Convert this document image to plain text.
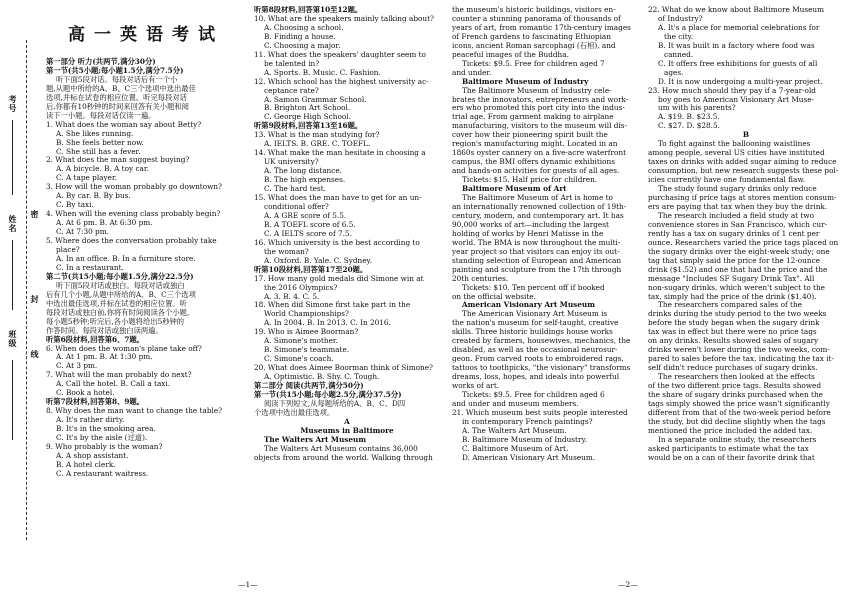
班级
姓名
考号
密
封
线
高一英语考试

第一部分 听力(共两节,满分30分)

第一节(共5小题;每小题1.5分,满分7.5分)

听下面5段对话。每段对话后有一个小

题,从题中所给的A、B、C三个选项中选出最佳

选项,并标在试卷的相应位置。听完每段对话

后,你都有10秒钟的时间来回答有关小题和阅

读下一小题。每段对话仅读一遍。

1. What does the woman say about Betty?

A. She likes running.

B. She feels better now.

C. She still has a fever.

2. What does the man suggest buying?

A. A bicycle. B. A toy car.

C. A tape player.

3. How will the woman probably go downtown?

A. By car. B. By bus.

C. By taxi.

4. When will the evening class probably begin?

A. At 6 pm. B. At 6:30 pm.

C. At 7:30 pm.

5. Where does the conversation probably take

place?

A. In an office. B. In a furniture store.

C. In a restaurant.

第二节(共15小题;每小题1.5分,满分22.5分)

听下面5段对话或独白。每段对话或独白

后有几个小题,从题中所给的A、B、C三个选项

中选出最佳选项,并标在试卷的相应位置。听

每段对话或独白前,你将有时间阅读各个小题,

每小题5秒钟;听完后,各小题将给出5秒钟的

作答时间。每段对话或独白读两遍。

听第6段材料,回答第6、7题。

6. When does the woman's plane take off?

A. At 1 pm. B. At 1:30 pm.

C. At 3 pm.

7. What will the man probably do next?

A. Call the hotel. B. Call a taxi.

C. Book a hotel.

听第7段材料,回答第8、9题。

8. Why does the man want to change the table?

A. It's rather dirty.

B. It's in the smoking area.

C. It's by the aisle (过道).

9. Who probably is the woman?

A. A shop assistant.

B. A hotel clerk.

C. A restaurant waitress.

听第8段材料,回答第10至12题。

10. What are the speakers mainly talking about?

A. Choosing a school.

B. Finding a house.

C. Choosing a major.

11. What does the speakers' daughter seem to

be talented in?

A. Sports. B. Music. C. Fashion.

12. Which school has the highest university ac-

ceptance rate?

A. Samon Grammar School.

B. Brighton Art School.

C. George High School.

听第9段材料,回答第13至16题。

13. What is the man studying for?

A. IELTS. B. GRE. C. TOEFL.

14. What make the man hesitate in choosing a

UK university?

A. The long distance.

B. The high expenses.

C. The hard test.

15. What does the man have to get for an un-

conditional offer?

A. A GRE score of 5.5.

B. A TOEFL score of 6.5.

C. A IELTS score of 7.5.

16. Which university is the best according to

the woman?

A. Oxford. B. Yale. C. Sydney.

听第10段材料,回答第17至20题。

17. How many gold medals did Simone win at

the 2016 Olympics?

A. 3. B. 4. C. 5.

18. When did Simone first take part in the

World Championships?

A. In 2004. B. In 2013. C. In 2016.

19. Who is Aimee Boorman?

A. Simone's mother.

B. Simone's teammate.

C. Simone's coach.

20. What does Aimee Boorman think of Simone?

A. Optimistic. B. Shy. C. Tough.

第二部分 阅读(共两节,满分50分)

第一节(共15小题;每小题2.5分,满分37.5分)

阅读下列短文,从每题所给的A、B、C、D四

个选项中选出最佳选项。

A

Museums in Baltimore

The Walters Art Museum

The Walters Art Museum contains 36,000

objects from around the world. Walking through

the museum's historic buildings, visitors en-

counter a stunning panorama of thousands of

years of art, from romantic 17th-century images

of French gardens to fascinating Ethiopian

icons, ancient Roman sarcophagi (石棺), and

peaceful images of the Buddha.

Tickets: $9.5. Free for children aged 7

and under.

Baltimore Museum of Industry

The Baltimore Museum of Industry cele-

brates the innovators, entrepreneurs and work-

ers who promoted this port city into the indus-

trial age. From garment making to airplane

manufacturing, visitors to the museum will dis-

cover how their pioneering spirit built the

region's manufacturing might. Located in an

1860s oyster cannery on a five-acre waterfront

campus, the BMI offers dynamic exhibitions

and hands-on activities for guests of all ages.

Tickets: $15. Half price for children.

Baltimore Museum of Art

The Baltimore Museum of Art is home to

an internationally renowned collection of 19th-

century, modern, and contemporary art. It has

90,000 works of art—including the largest

holding of works by Henri Matisse in the

world. The BMA is now throughout the multi-

year project so that visitors can enjoy its out-

standing selection of European and American

painting and sculpture from the 17th through

20th centuries.

Tickets: $10. Ten percent off if booked

on the official website.

American Visionary Art Museum

The American Visionary Art Museum is

the nation's museum for self-taught, creative

skills. Three historic buildings house works

created by farmers, housewives, mechanics, the

disabled, as well as the occasional neurosur-

geon. From carved roots to embroidered rags,

tattoos to toothpicks, "the visionary" transforms

dreams, loss, hopes, and ideals into powerful

works of art.

Tickets: $9.5. Free for children aged 6

and under and museum members.

21. Which museum best suits people interested

in contemporary French paintings?

A. The Walters Art Museum.

B. Baltimore Museum of Industry.

C. Baltimore Museum of Art.

D. American Visionary Art Museum.

22. What do we know about Baltimore Museum

of Industry?

A. It's a place for memorial celebrations for

the city.

B. It was built in a factory where food was

canned.

C. It offers free exhibitions for guests of all

ages.

D. It is now undergoing a multi-year project.

23. How much should they pay if a 7-year-old

boy goes to American Visionary Art Muse-

um with his parents?

A. $19. B. $23.5.

C. $27. D. $28.5.

B

To fight against the ballooning waistlines

among people, several US cities have instituted

taxes on drinks with added sugar aiming to reduce

consumption, but new research suggests these pol-

icies currently have one fundamental flaw.

The study found sugary drinks only reduce

purchasing if price tags at stores mention consum-

ers are paying that tax when they buy the drink.

The research included a field study at two

convenience stores in San Francisco, which cur-

rently has a tax on sugary drinks of 1 cent per

ounce. Researchers varied the price tags placed on

the sugary drinks over the eight-week study; one

tag that simply said the price for the 12-ounce

drink ($1.52) and one that had the price and the

message "Includes SF Sugary Drink Tax". All

non-sugary drinks, which weren't subject to the

tax, simply had the price of the drink ($1.40).

The researchers compared sales of the

drinks during the study period to the two weeks

before the study began when the sugary drink

tax was in effect but there were no price tags

on any drinks. Results showed sales of sugary

drinks weren't lower during the two weeks, com-

pared to sales before the tax, indicating the tax it-

self didn't reduce purchases of sugary drinks.

The researchers then looked at the effects

of the two different price tags. Results showed

the share of sugary drinks purchased when the

tags simply showed the price wasn't significantly

different from that of the two-week period before

the study, but did decline slightly when the tags

mentioned the price included the added tax.

In a separate online study, the researchers

asked participants to estimate what the tax

would be on a can of their favorite drink that

—1—	—2—
